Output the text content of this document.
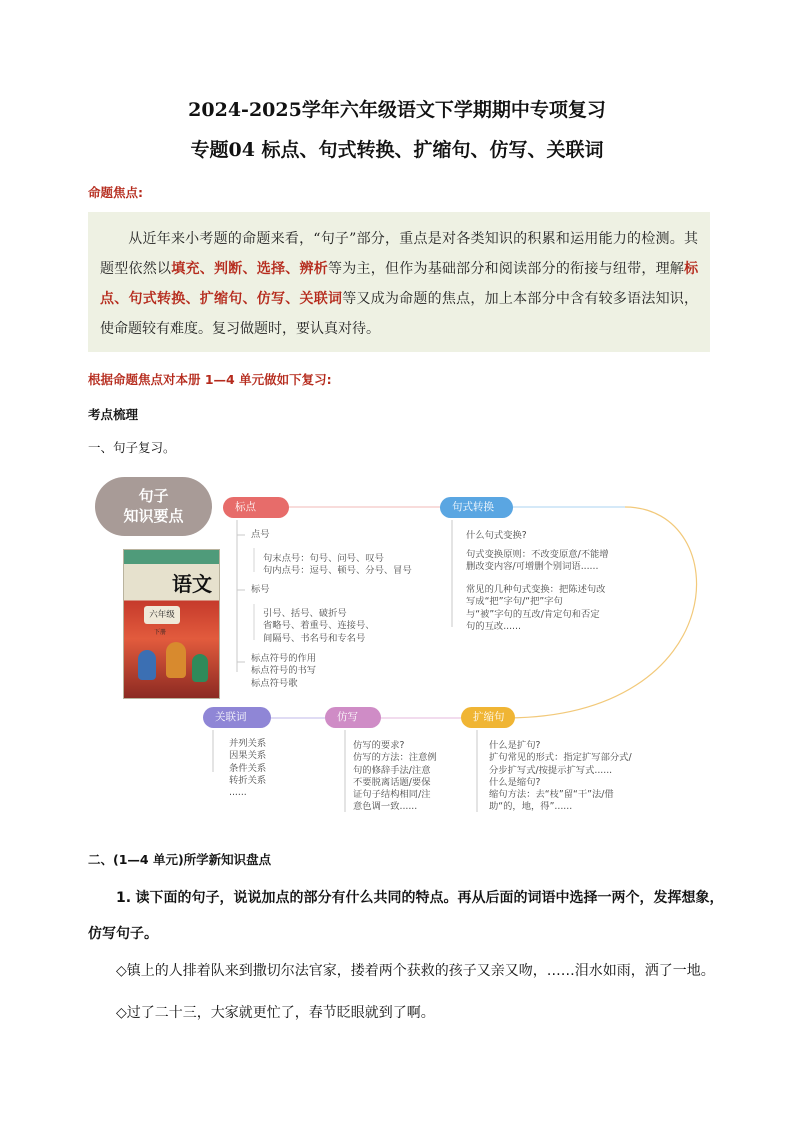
2024-2025学年六年级语文下学期期中专项复习
专题04 标点、句式转换、扩缩句、仿写、关联词
命题焦点:
从近年来小考题的命题来看，“句子”部分，重点是对各类知识的积累和运用能力的检测。其题型依然以填充、判断、选择、辨析等为主，但作为基础部分和阅读部分的衔接与纽带，理解标点、句式转换、扩缩句、仿写、关联词等又成为命题的焦点，加上本部分中含有较多语法知识，使命题较有难度。复习做题时，要认真对待。
根据命题焦点对本册 1—4 单元做如下复习:
考点梳理
一、句子复习。
句子
知识要点
语文
六年级
下册
标点	句式转换
关联词	仿写	扩缩句
点号
句末点号：句号、问号、叹号
句内点号：逗号、顿号、分号、冒号
标号
引号、括号、破折号
省略号、着重号、连接号、
间隔号、书名号和专名号
标点符号的作用
标点符号的书写
标点符号歌
什么句式变换?
句式变换原则：不改变原意/不能增
删改变内容/可增删个别词语......
常见的几种句式变换：把陈述句改
写成“把”字句/“把”字句
与“被”字句的互改/肯定句和否定
句的互改......
并列关系
因果关系
条件关系
转折关系
......
仿写的要求?
仿写的方法：注意例
句的修辞手法/注意
不要脱离话题/要保
证句子结构相同/注
意色调一致......
什么是扩句?
扩句常见的形式：指定扩写部分式/
分步扩写式/按提示扩写式......
什么是缩句?
缩句方法：去“枝”留“干”法/借
助“的，地，得”......
二、(1—4 单元)所学新知识盘点
1. 读下面的句子，说说加点的部分有什么共同的特点。再从后面的词语中选择一两个，发挥想象，仿写句子。
◇镇上的人排着队来到撒切尔法官家，搂着两个获救的孩子又亲又吻，……泪水如雨，洒了一地。
◇过了二十三，大家就更忙了，春节眨眼就到了啊。
